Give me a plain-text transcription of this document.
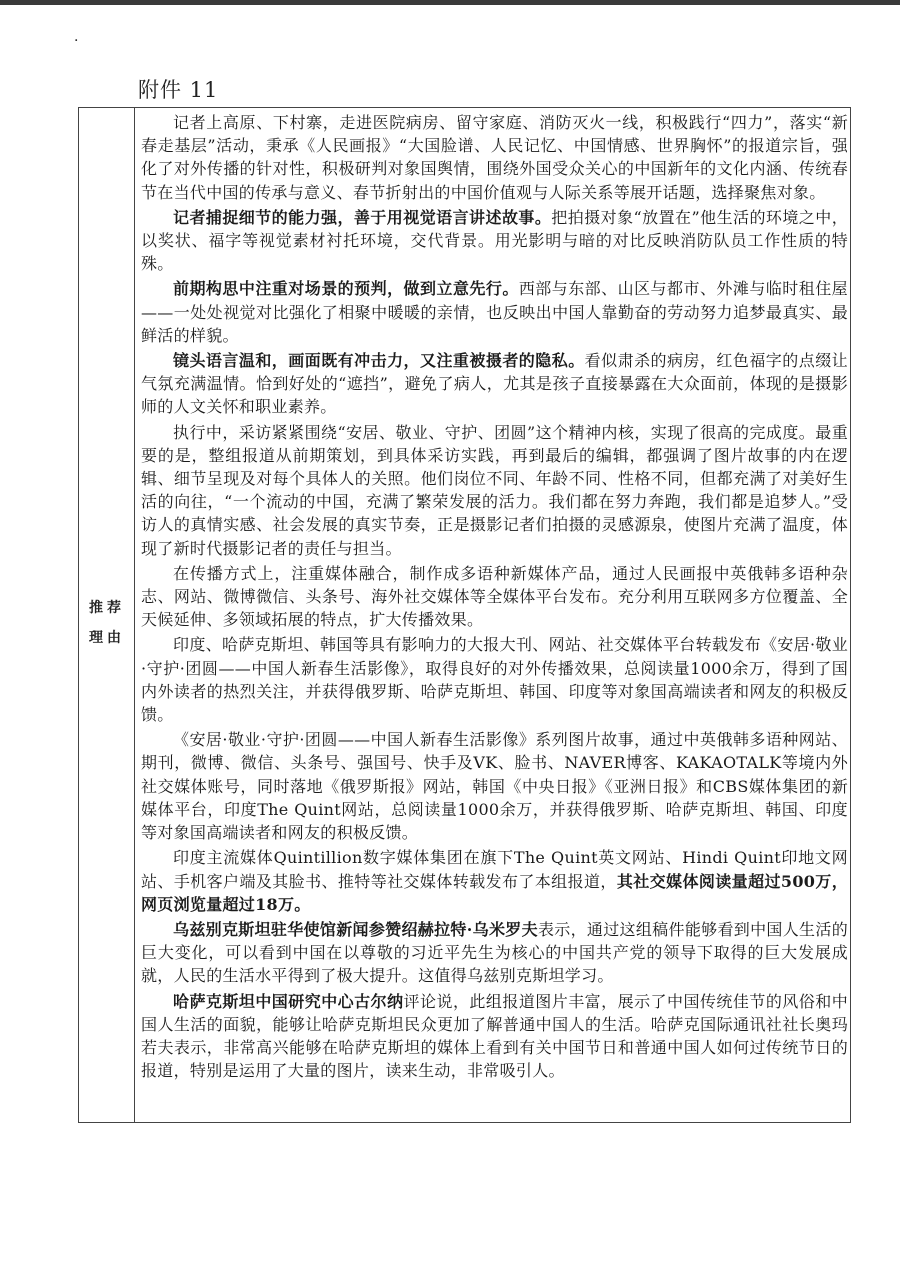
·
附件 11
推荐
理由

记者上高原、下村寨，走进医院病房、留守家庭、消防灭火一线，积极践行“四力”，落实“新春走基层”活动，秉承《人民画报》“大国脸谱、人民记忆、中国情感、世界胸怀”的报道宗旨，强化了对外传播的针对性，积极研判对象国舆情，围绕外国受众关心的中国新年的文化内涵、传统春节在当代中国的传承与意义、春节折射出的中国价值观与人际关系等展开话题，选择聚焦对象。

记者捕捉细节的能力强，善于用视觉语言讲述故事。把拍摄对象“放置在”他生活的环境之中，以奖状、福字等视觉素材衬托环境，交代背景。用光影明与暗的对比反映消防队员工作性质的特殊。

前期构思中注重对场景的预判，做到立意先行。西部与东部、山区与都市、外滩与临时租住屋——一处处视觉对比强化了相聚中暖暖的亲情，也反映出中国人靠勤奋的劳动努力追梦最真实、最鲜活的样貌。

镜头语言温和，画面既有冲击力，又注重被摄者的隐私。看似肃杀的病房，红色福字的点缀让气氛充满温情。恰到好处的“遮挡”，避免了病人，尤其是孩子直接暴露在大众面前，体现的是摄影师的人文关怀和职业素养。

执行中，采访紧紧围绕“安居、敬业、守护、团圆”这个精神内核，实现了很高的完成度。最重要的是，整组报道从前期策划，到具体采访实践，再到最后的编辑，都强调了图片故事的内在逻辑、细节呈现及对每个具体人的关照。他们岗位不同、年龄不同、性格不同，但都充满了对美好生活的向往，“一个流动的中国，充满了繁荣发展的活力。我们都在努力奔跑，我们都是追梦人。”受访人的真情实感、社会发展的真实节奏，正是摄影记者们拍摄的灵感源泉，使图片充满了温度，体现了新时代摄影记者的责任与担当。

在传播方式上，注重媒体融合，制作成多语种新媒体产品，通过人民画报中英俄韩多语种杂志、网站、微博微信、头条号、海外社交媒体等全媒体平台发布。充分利用互联网多方位覆盖、全天候延伸、多领域拓展的特点，扩大传播效果。

印度、哈萨克斯坦、韩国等具有影响力的大报大刊、网站、社交媒体平台转载发布《安居·敬业·守护·团圆——中国人新春生活影像》，取得良好的对外传播效果，总阅读量1000余万，得到了国内外读者的热烈关注，并获得俄罗斯、哈萨克斯坦、韩国、印度等对象国高端读者和网友的积极反馈。

《安居·敬业·守护·团圆——中国人新春生活影像》系列图片故事，通过中英俄韩多语种网站、期刊，微博、微信、头条号、强国号、快手及VK、脸书、NAVER博客、KAKAOTALK等境内外社交媒体账号，同时落地《俄罗斯报》网站，韩国《中央日报》《亚洲日报》和CBS媒体集团的新媒体平台，印度The Quint网站，总阅读量1000余万，并获得俄罗斯、哈萨克斯坦、韩国、印度等对象国高端读者和网友的积极反馈。

印度主流媒体Quintillion数字媒体集团在旗下The Quint英文网站、Hindi Quint印地文网站、手机客户端及其脸书、推特等社交媒体转载发布了本组报道，其社交媒体阅读量超过500万，网页浏览量超过18万。

乌兹别克斯坦驻华使馆新闻参赞绍赫拉特·乌米罗夫表示，通过这组稿件能够看到中国人生活的巨大变化，可以看到中国在以尊敬的习近平先生为核心的中国共产党的领导下取得的巨大发展成就，人民的生活水平得到了极大提升。这值得乌兹别克斯坦学习。

哈萨克斯坦中国研究中心古尔纳评论说，此组报道图片丰富，展示了中国传统佳节的风俗和中国人生活的面貌，能够让哈萨克斯坦民众更加了解普通中国人的生活。哈萨克国际通讯社社长奥玛若夫表示，非常高兴能够在哈萨克斯坦的媒体上看到有关中国节日和普通中国人如何过传统节日的报道，特别是运用了大量的图片，读来生动，非常吸引人。
